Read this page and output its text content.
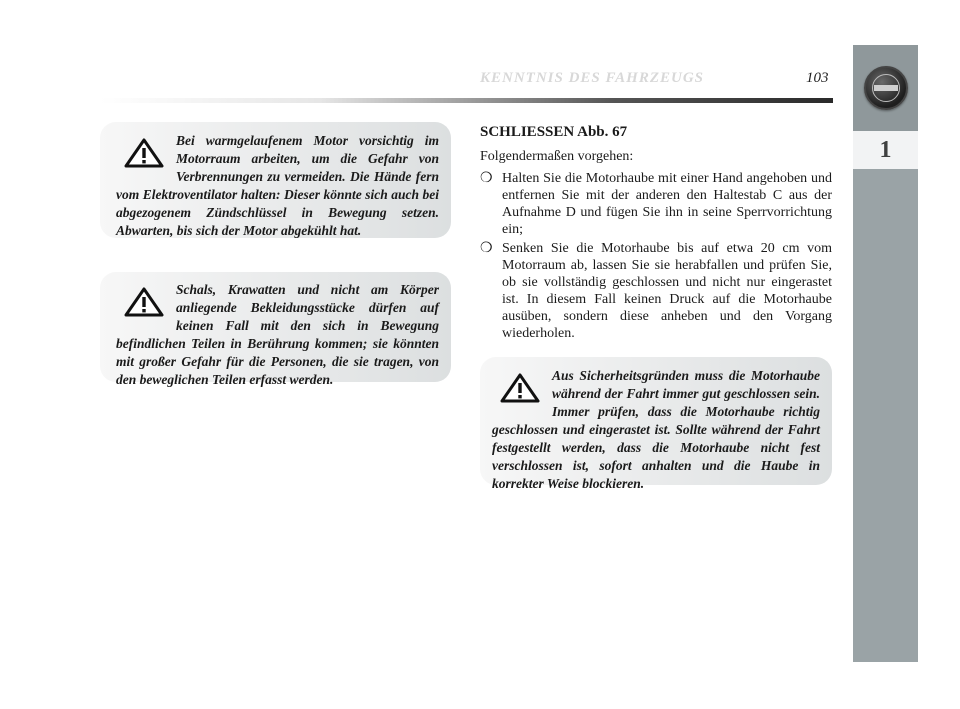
KENNTNIS DES FAHRZEUGS	103
1
Bei warmgelaufenem Motor vorsichtig im Motorraum arbeiten, um die Gefahr von Verbrennungen zu vermeiden. Die Hände fern vom Elektroventilator halten: Dieser könnte sich auch bei abgezogenem Zündschlüssel in Bewegung setzen. Abwarten, bis sich der Motor abgekühlt hat.
Schals, Krawatten und nicht am Körper anliegende Bekleidungsstücke dürfen auf keinen Fall mit den sich in Bewegung befindlichen Teilen in Berührung kommen; sie könnten mit großer Gefahr für die Personen, die sie tragen, von den beweglichen Teilen erfasst werden.
SCHLIESSEN Abb. 67
Folgendermaßen vorgehen:
❍ Halten Sie die Motorhaube mit einer Hand angehoben und entfernen Sie mit der anderen den Haltestab C aus der Aufnahme D und fügen Sie ihn in seine Sperrvorrichtung ein;
❍ Senken Sie die Motorhaube bis auf etwa 20 cm vom Motorraum ab, lassen Sie sie herabfallen und prüfen Sie, ob sie vollständig geschlossen und nicht nur eingerastet ist. In diesem Fall keinen Druck auf die Motorhaube ausüben, sondern diese anheben und den Vorgang wiederholen.
Aus Sicherheitsgründen muss die Motorhaube während der Fahrt immer gut geschlossen sein. Immer prüfen, dass die Motorhaube richtig geschlossen und eingerastet ist. Sollte während der Fahrt festgestellt werden, dass die Motorhaube nicht fest verschlossen ist, sofort anhalten und die Haube in korrekter Weise blockieren.
